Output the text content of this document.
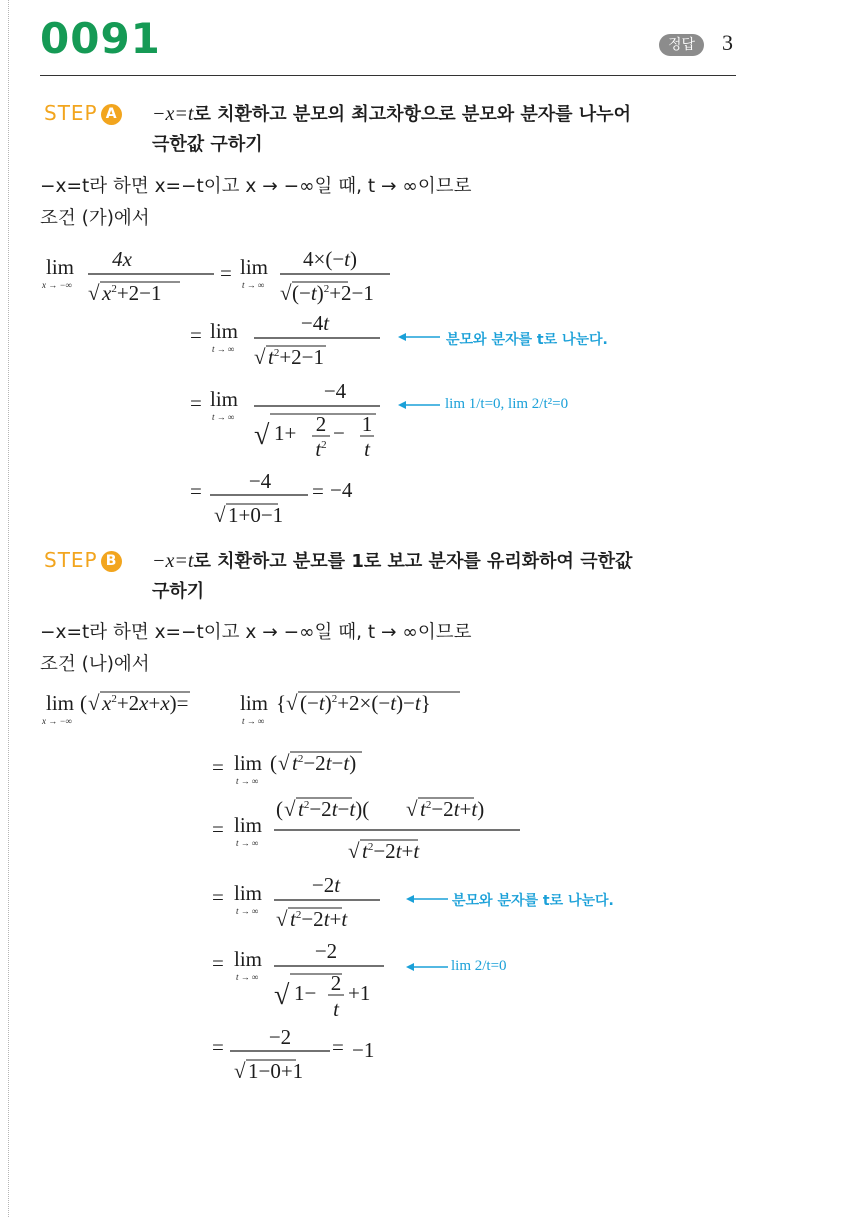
0091	정답	3
STEP A −x=t로 치환하고 분모의 최고차항으로 분모와 분자를 나누어
극한값 구하기
−x=t라 하면 x=−t이고 x → −∞일 때, t → ∞이므로
조건 (가)에서
lim
x → −∞
4x
√ $x^2+2-1$
= lim
t → ∞
4×(−t)
√ $(-t)^2+2-1$
= lim
t → ∞
−4t
√ $t^2+2-1$
= lim
t → ∞
−4
√ 1+ 2
$t^2 - 1$
t
= −4
√ 1+0−1
= −4
분모와 분자를 t로 나눈다.
lim 1/t=0, lim 2/t²=0
STEP B −x=t로 치환하고 분모를 1로 보고 분자를 유리화하여 극한값
구하기
−x=t라 하면 x=−t이고 x → −∞일 때, t → ∞이므로
조건 (나)에서
lim
x → −∞
( √ $x^2+2x+x)= \lim$
t → ∞
{ √ $(-t)^2+2\times(-t)-t$}
= lim
t → ∞
( √ $t^2-2t-t$)
= lim
t → ∞
( √ $t^2-2t-t$)( √ $t^2-2t+t$)
√ $t^2-2t+t$
= lim
t → ∞
−2t
√ $t^2-2t+t$
= lim
t → ∞
−2
√ 1− 2
t
+1
= −2
√ 1−0+1
= −1
분모와 분자를 t로 나눈다.
lim 2/t=0
